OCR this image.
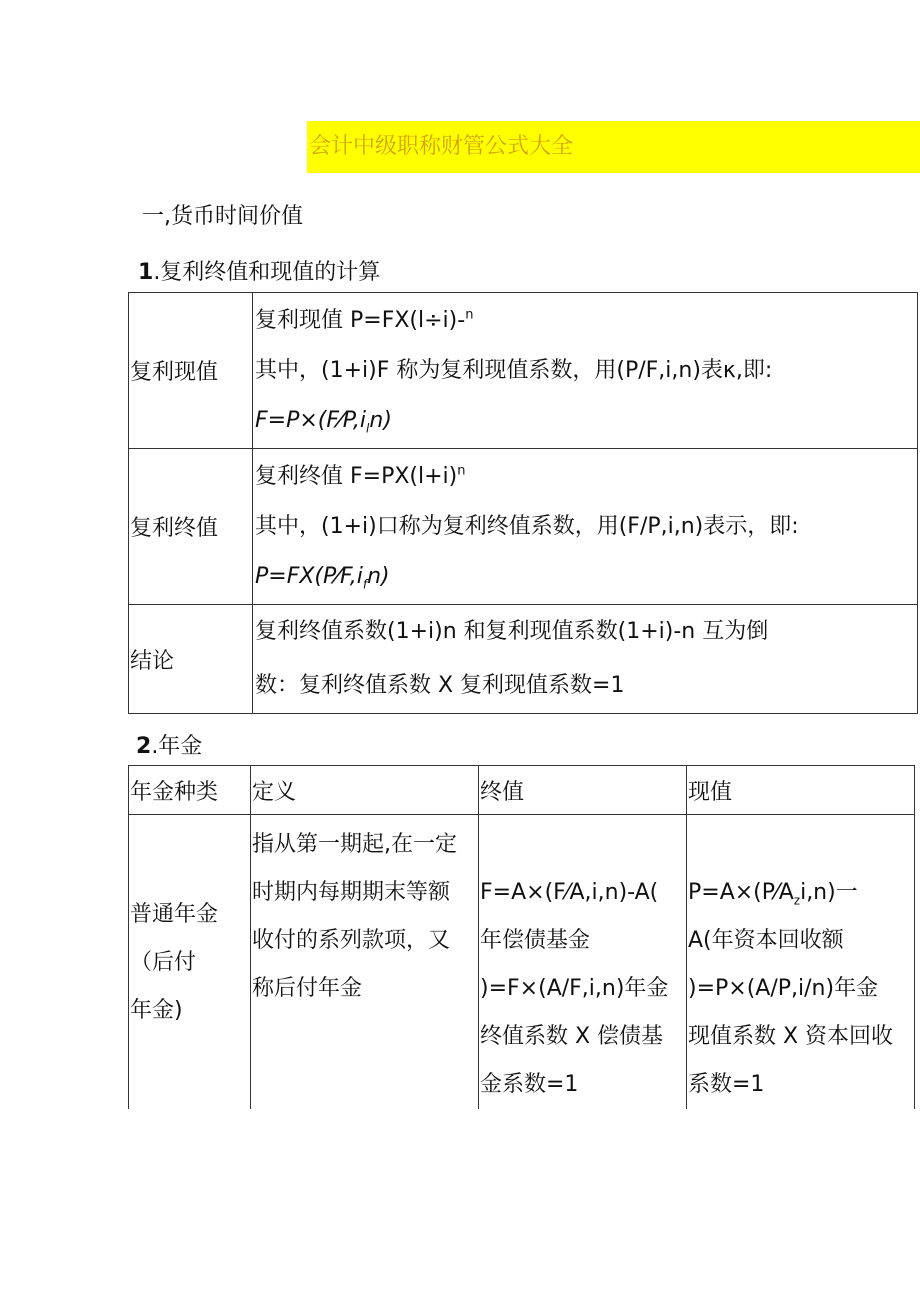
会计中级职称财管公式大全
一,货币时间价值
1.复利终值和现值的计算
复利现值	复利现值 P=FX(l÷i)-$^n$
其中，(1+i)F 称为复利现值系数，用(P/F,i,n)表κ,即:
$F=P\times(F⁄P,i_ln)$

复利终值	复利终值 $F=PX(l+i)^n$
其中，(1+i)口称为复利终值系数，用(F/P,i,n)表示，即:
$P=FX(P⁄F,i_fn)$

结论	复利终值系数(1+i)n 和复利现值系数(1+i)-n 互为倒
数：复利终值系数 X 复利现值系数=1
2.年金
年金种类	定义	终值	现值

普通年金
（后付
年金)	指从第一期起,在一定
时期内每期期末等额
收付的系列款项，又
称后付年金	F=A×(F⁄A,i,n)-A(
年偿债基金
)=F×(A/F,i,n)年金
终值系数 X 偿债基
金系数=1	$P=A\times(P⁄A_zi,n)$一
A(年资本回收额
)=P×(A/P,i/n)年金
现值系数 X 资本回收
系数=1
